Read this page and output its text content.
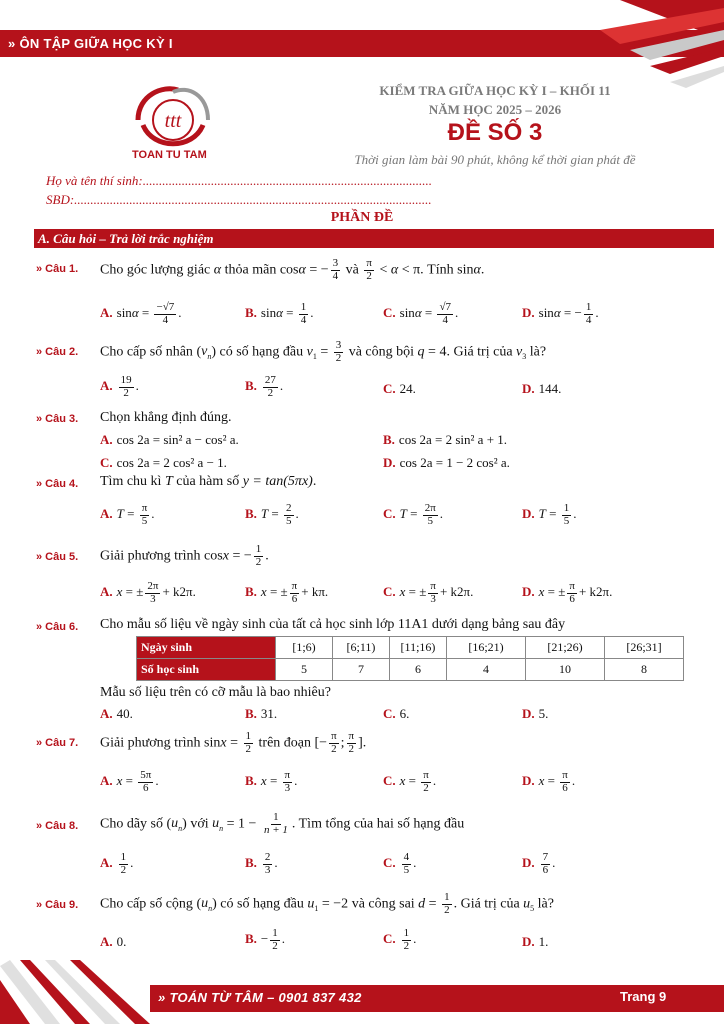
» ÔN TẬP GIỮA HỌC KỲ I
» TOÁN TỪ TÂM – 0901 837 432	Trang 9
ttt
TOAN TU TAM
KIỂM TRA GIỮA HỌC KỲ I – KHỐI 11
NĂM HỌC 2025 – 2026
ĐỀ SỐ 3
Thời gian làm bài 90 phút, không kể thời gian phát đề
Họ và tên thí sinh:.........................................................................................
SBD:..............................................................................................................
PHẦN ĐỀ
A. Câu hỏi – Trả lời trắc nghiệm
» Câu 1. Cho góc lượng giác α thỏa mãn cosα = − $\frac{3}{4}$ và $\frac{\pi}{2} < \alpha < \pi$. Tính sinα.
A. $\sin\alpha = \frac{-√7}{4}$ .	B. $\sin\alpha = \frac{1}{4}$ .	C. $\sin\alpha = \frac{√7}{4}$ .	D. sinα = − $\frac{1}{4}$ .
» Câu 2. Cho cấp số nhân $(v_n)$ có số hạng đầu $v_1 = \frac{3}{2}$ và công bội q = 4. Giá trị của $v_3$ là?
A. $\frac{19}{2}$ .	B. $\frac{27}{2}$ .	C. 24.	D. 144.
» Câu 3. Chọn khẳng định đúng.
A. cos 2a = sin² a − cos² a.	B. cos 2a = 2 sin² a + 1.
C. cos 2a = 2 cos² a − 1.	D. cos 2a = 1 − 2 cos² a.
» Câu 4. Tìm chu kì T của hàm số y = tan(5πx).
A. $T = \frac{\pi}{5}$ .	B. $T = \frac{2}{5}$ .	C. $T = \frac{2\pi}{5}$ .	D. $T = \frac{1}{5}$ .
» Câu 5. Giải phương trình cosx = − $\frac{1}{2}$ .
A. x = ± $\frac{2\pi}{3} + k2\pi$.	B. x = ± $\frac{\pi}{6} + k\pi$.	C. x = ± $\frac{\pi}{3} + k2\pi$.	D. x = ± $\frac{\pi}{6} + k2\pi$.
» Câu 6. Cho mẫu số liệu về ngày sinh của tất cả học sinh lớp 11A1 dưới dạng bảng sau đây
Ngày sinh	[1;6)	[6;11)	[11;16)	[16;21)	[21;26)	[26;31]
Số học sinh	5	7	6	4	10	8
Mẫu số liệu trên có cỡ mẫu là bao nhiêu?
A. 40.	B. 31.	C. 6.	D. 5.
» Câu 7. Giải phương trình $\sin x = \frac{1}{2}$ trên đoạn [− $\frac{\pi}{2}$ ; $\frac{\pi}{2}$ ].
A. $x = \frac{5\pi}{6}$ .	B. $x = \frac{\pi}{3}$ .	C. $x = \frac{\pi}{2}$ .	D. $x = \frac{\pi}{6}$ .
» Câu 8. Cho dãy số $(u_n)$ với $u_n = 1 - \frac{1}{n + 1}$ . Tìm tổng của hai số hạng đầu
A. $\frac{1}{2}$ .	B. $\frac{2}{3}$ .	C. $\frac{4}{5}$ .	D. $\frac{7}{6}$ .
» Câu 9. Cho cấp số cộng $(u_n)$ có số hạng đầu $u_1 = -2$ và công sai $d = \frac{1}{2}$ . Giá trị của $u_5$ là?
A. 0.	B. − $\frac{1}{2}$ .	C. $\frac{1}{2}$ .	D. 1.
